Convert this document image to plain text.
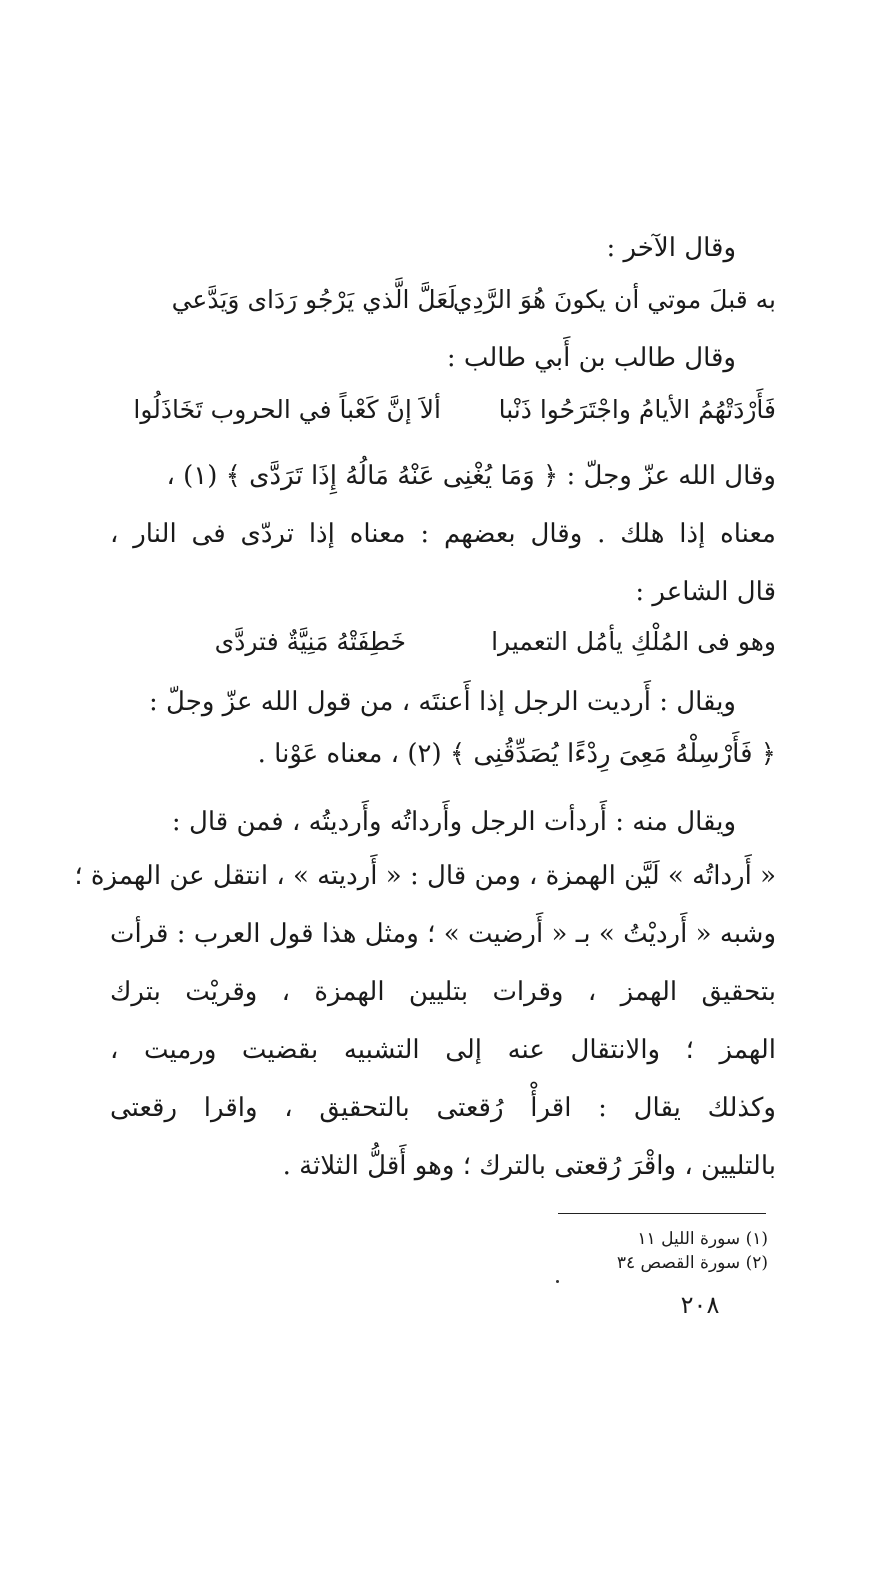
وقال الآخر :
لَعَلَّ الَّذي يَرْجُو رَدَاى وَيَدَّعي
به قبلَ موتي أن يكونَ هُوَ الرَّدِي
وقال طالب بن أَبي طالب :
ألاَ إنَّ كَعْباً في الحروب تَخَاذَلُوا فَأَرْدَتْهُمُ الأيامُ واجْتَرَحُوا ذَنْبا
وقال الله عزّ وجلّ : ﴿ وَمَا يُغْنِى عَنْهُ مَالُهُ إِذَا تَرَدَّى ﴾ (١) ،
معناه إذا هلك . وقال بعضهم : معناه إذا تردّى فى النار ،
قال الشاعر :
خَطِفَتْهُ مَنِيَّةٌ فتردَّى	وهو فى المُلْكِ يأمُل التعميرا
ويقال : أَرديت الرجل إذا أَعنتَه ، من قول الله عزّ وجلّ :
﴿ فَأَرْسِلْهُ مَعِىَ رِدْءًا يُصَدِّقُنِى ﴾ (٢) ، معناه عَوْنا .
ويقال منه : أَردأت الرجل وأَرداتُه وأَرديتُه ، فمن قال :
« أَرداتُه » لَيَّن الهمزة ، ومن قال : « أَرديته » ، انتقل عن الهمزة ؛
وشبه « أَرديْتُ » بـ « أَرضيت » ؛ ومثل هذا قول العرب : قرأت
بتحقيق الهمز ، وقرات بتليين الهمزة ، وقريْت بترك
الهمز ؛ والانتقال عنه إلى التشبيه بقضيت ورميت ،
وكذلك يقال : اقرأْ رُقعتى بالتحقيق ، واقرا رقعتى
بالتليين ، واقْرَ رُقعتى بالترك ؛ وهو أَقلُّ الثلاثة .
(١) سورة الليل ١١
(٢) سورة القصص ٣٤
٢٠٨
